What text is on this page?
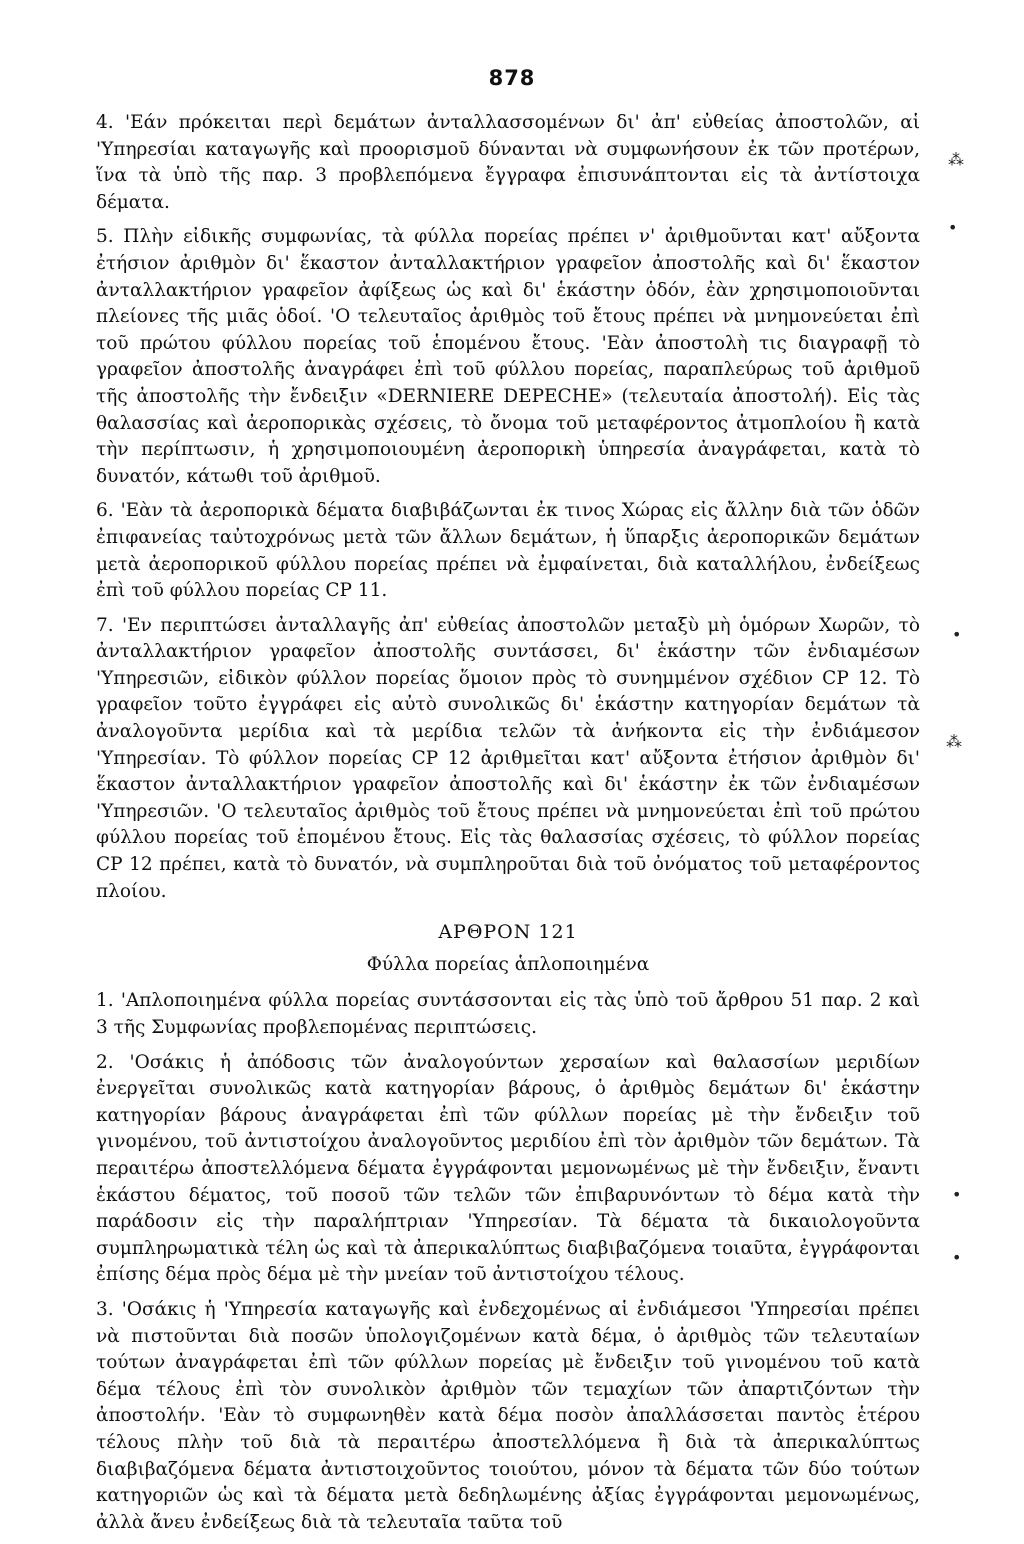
878

4. 'Εάν πρόκειται περὶ δεμάτων ἀνταλλασσομένων δι' ἀπ' εὐθείας ἀποστολῶν, αἱ 'Υπηρεσίαι καταγωγῆς καὶ προορισμοῦ δύνανται νὰ συμφωνήσουν ἐκ τῶν προτέρων, ἵνα τὰ ὑπὸ τῆς παρ. 3 προβλεπόμενα ἔγγραφα ἐπισυνάπτονται εἰς τὰ ἀντίστοιχα δέματα.

5. Πλὴν εἰδικῆς συμφωνίας, τὰ φύλλα πορείας πρέπει ν' ἀριθμοῦνται κατ' αὔξοντα ἐτήσιον ἀριθμὸν δι' ἕκαστον ἀνταλλακτήριον γραφεῖον ἀποστολῆς καὶ δι' ἕκαστον ἀνταλλακτήριον γραφεῖον ἀφίξεως ὡς καὶ δι' ἑκάστην ὁδόν, ἐὰν χρησιμοποιοῦνται πλείονες τῆς μιᾶς ὁδοί. 'Ο τελευταῖος ἀριθμὸς τοῦ ἔτους πρέπει νὰ μνημονεύεται ἐπὶ τοῦ πρώτου φύλλου πορείας τοῦ ἑπομένου ἔτους. 'Εὰν ἀποστολὴ τις διαγραφῇ τὸ γραφεῖον ἀποστολῆς ἀναγράφει ἐπὶ τοῦ φύλλου πορείας, παραπλεύρως τοῦ ἀριθμοῦ τῆς ἀποστολῆς τὴν ἔνδειξιν «DERNIERE DEPECHE» (τελευταία ἀποστολή). Εἰς τὰς θαλασσίας καὶ ἀεροπορικὰς σχέσεις, τὸ ὄνομα τοῦ μεταφέροντος ἀτμοπλοίου ἢ κατὰ τὴν περίπτωσιν, ἡ χρησιμοποιουμένη ἀεροπορικὴ ὑπηρεσία ἀναγράφεται, κατὰ τὸ δυνατόν, κάτωθι τοῦ ἀριθμοῦ.

6. 'Εὰν τὰ ἀεροπορικὰ δέματα διαβιβάζωνται ἐκ τινος Χώρας εἰς ἄλλην διὰ τῶν ὁδῶν ἐπιφανείας ταὐτοχρόνως μετὰ τῶν ἄλλων δεμάτων, ἡ ὕπαρξις ἀεροπορικῶν δεμάτων μετὰ ἀεροπορικοῦ φύλλου πορείας πρέπει νὰ ἐμφαίνεται, διὰ καταλλήλου, ἐνδείξεως ἐπὶ τοῦ φύλλου πορείας CP 11.

7. 'Εν περιπτώσει ἀνταλλαγῆς ἀπ' εὐθείας ἀποστολῶν μεταξὺ μὴ ὁμόρων Χωρῶν, τὸ ἀνταλλακτήριον γραφεῖον ἀποστολῆς συντάσσει, δι' ἑκάστην τῶν ἐνδιαμέσων 'Υπηρεσιῶν, εἰδικὸν φύλλον πορείας ὅμοιον πρὸς τὸ συνημμένον σχέδιον CP 12. Τὸ γραφεῖον τοῦτο ἐγγράφει εἰς αὐτὸ συνολικῶς δι' ἑκάστην κατηγορίαν δεμάτων τὰ ἀναλογοῦντα μερίδια καὶ τὰ μερίδια τελῶν τὰ ἀνήκοντα εἰς τὴν ἐνδιάμεσον 'Υπηρεσίαν. Τὸ φύλλον πορείας CP 12 ἀριθμεῖται κατ' αὔξοντα ἐτήσιον ἀριθμὸν δι' ἕκαστον ἀνταλλακτήριον γραφεῖον ἀποστολῆς καὶ δι' ἑκάστην ἐκ τῶν ἐνδιαμέσων 'Υπηρεσιῶν. 'Ο τελευταῖος ἀριθμὸς τοῦ ἔτους πρέπει νὰ μνημονεύεται ἐπὶ τοῦ πρώτου φύλλου πορείας τοῦ ἑπομένου ἔτους. Εἰς τὰς θαλασσίας σχέσεις, τὸ φύλλον πορείας CP 12 πρέπει, κατὰ τὸ δυνατόν, νὰ συμπληροῦται διὰ τοῦ ὀνόματος τοῦ μεταφέροντος πλοίου.

ΑΡΘΡΟΝ 121
Φύλλα πορείας ἁπλοποιημένα

1. 'Απλοποιημένα φύλλα πορείας συντάσσονται εἰς τὰς ὑπὸ τοῦ ἄρθρου 51 παρ. 2 καὶ 3 τῆς Συμφωνίας προβλεπομένας περιπτώσεις.

2. 'Οσάκις ἡ ἀπόδοσις τῶν ἀναλογούντων χερσαίων καὶ θαλασσίων μεριδίων ἐνεργεῖται συνολικῶς κατὰ κατηγορίαν βάρους, ὁ ἀριθμὸς δεμάτων δι' ἑκάστην κατηγορίαν βάρους ἀναγράφεται ἐπὶ τῶν φύλλων πορείας μὲ τὴν ἔνδειξιν τοῦ γινομένου, τοῦ ἀντιστοίχου ἀναλογοῦντος μεριδίου ἐπὶ τὸν ἀριθμὸν τῶν δεμάτων. Τὰ περαιτέρω ἀποστελλόμενα δέματα ἐγγράφονται μεμονωμένως μὲ τὴν ἔνδειξιν, ἔναντι ἑκάστου δέματος, τοῦ ποσοῦ τῶν τελῶν τῶν ἐπιβαρυνόντων τὸ δέμα κατὰ τὴν παράδοσιν εἰς τὴν παραλήπτριαν 'Υπηρεσίαν. Τὰ δέματα τὰ δικαιολογοῦντα συμπληρωματικὰ τέλη ὡς καὶ τὰ ἀπερικαλύπτως διαβιβαζόμενα τοιαῦτα, ἐγγράφονται ἐπίσης δέμα πρὸς δέμα μὲ τὴν μνείαν τοῦ ἀντιστοίχου τέλους.

3. 'Οσάκις ἡ 'Υπηρεσία καταγωγῆς καὶ ἐνδεχομένως αἱ ἐνδιάμεσοι 'Υπηρεσίαι πρέπει νὰ πιστοῦνται διὰ ποσῶν ὑπολογιζομένων κατὰ δέμα, ὁ ἀριθμὸς τῶν τελευταίων τούτων ἀναγράφεται ἐπὶ τῶν φύλλων πορείας μὲ ἔνδειξιν τοῦ γινομένου τοῦ κατὰ δέμα τέλους ἐπὶ τὸν συνολικὸν ἀριθμὸν τῶν τεμαχίων τῶν ἀπαρτιζόντων τὴν ἀποστολήν. 'Εὰν τὸ συμφωνηθὲν κατὰ δέμα ποσὸν ἀπαλλάσσεται παντὸς ἑτέρου τέλους πλὴν τοῦ διὰ τὰ περαιτέρω ἀποστελλόμενα ἢ διὰ τὰ ἀπερικαλύπτως διαβιβαζόμενα δέματα ἀντιστοιχοῦντος τοιούτου, μόνον τὰ δέματα τῶν δύο τούτων κατηγοριῶν ὡς καὶ τὰ δέματα μετὰ δεδηλωμένης ἀξίας ἐγγράφονται μεμονωμένως, ἀλλὰ ἄνευ ἐνδείξεως διὰ τὰ τελευταῖα ταῦτα τοῦ

⁂
•
•
⁂
•
•
